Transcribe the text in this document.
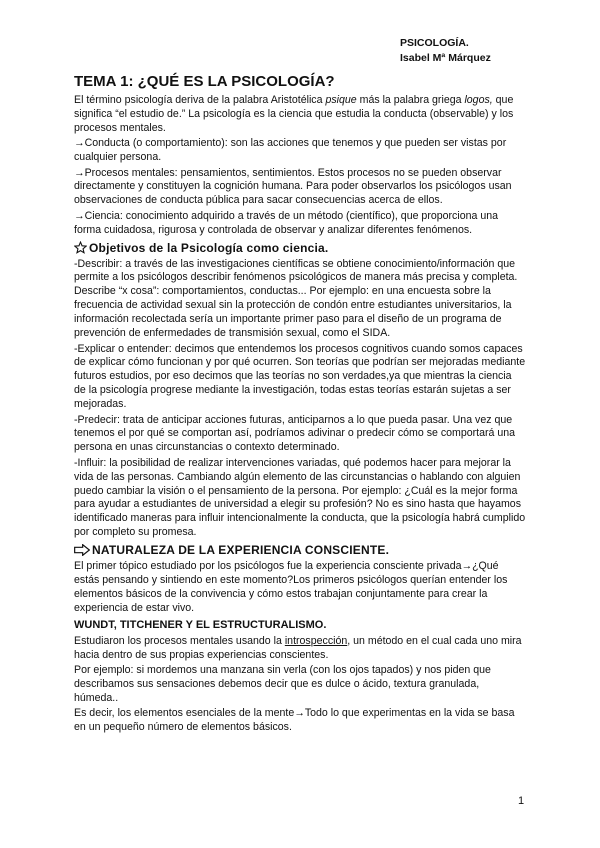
PSICOLOGÍA.
Isabel Mª Márquez
TEMA 1: ¿QUÉ ES LA PSICOLOGÍA?

El término psicología deriva de la palabra Aristotélica psique más la palabra griega logos, que significa “el estudio de.” La psicología es la ciencia que estudia la conducta (observable) y los procesos mentales.

→Conducta (o comportamiento): son las acciones que tenemos y que pueden ser vistas por cualquier persona.

→Procesos mentales: pensamientos, sentimientos. Estos procesos no se pueden observar directamente y constituyen la cognición humana. Para poder observarlos los psicólogos usan observaciones de conducta pública para sacar consecuencias acerca de ellos.

→Ciencia: conocimiento adquirido a través de un método (científico), que proporciona una forma cuidadosa, rigurosa y controlada de observar y analizar diferentes fenómenos.

Objetivos de la Psicología como ciencia.

-Describir: a través de las investigaciones científicas se obtiene conocimiento/información que permite a los psicólogos describir fenómenos psicológicos de manera más precisa y completa. Describe “x cosa”: comportamientos, conductas... Por ejemplo: en una encuesta sobre la frecuencia de actividad sexual sin la protección de condón entre estudiantes universitarios, la información recolectada sería un importante primer paso para el diseño de un programa de prevención de enfermedades de transmisión sexual, como el SIDA.

-Explicar o entender: decimos que entendemos los procesos cognitivos cuando somos capaces de explicar cómo funcionan y por qué ocurren. Son teorías que podrían ser mejoradas mediante futuros estudios, por eso decimos que las teorías no son verdades,ya que mientras la ciencia de la psicología progrese mediante la investigación, todas estas teorías estarán sujetas a ser mejoradas.

-Predecir: trata de anticipar acciones futuras, anticiparnos a lo que pueda pasar. Una vez que tenemos el por qué se comportan así, podríamos adivinar o predecir cómo se comportará una persona en unas circunstancias o contexto determinado.

-Influir: la posibilidad de realizar intervenciones variadas, qué podemos hacer para mejorar la vida de las personas. Cambiando algún elemento de las circunstancias o hablando con alguien puedo cambiar la visión o el pensamiento de la persona. Por ejemplo: ¿Cuál es la mejor forma para ayudar a estudiantes de universidad a elegir su profesión? No es sino hasta que hayamos identificado maneras para influir intencionalmente la conducta, que la psicología habrá cumplido por completo su promesa.

NATURALEZA DE LA EXPERIENCIA CONSCIENTE.

El primer tópico estudiado por los psicólogos fue la experiencia consciente privada→¿Qué estás pensando y sintiendo en este momento?Los primeros psicólogos querían entender los elementos básicos de la convivencia y cómo estos trabajan conjuntamente para crear la experiencia de estar vivo.

WUNDT, TITCHENER Y EL ESTRUCTURALISMO.

Estudiaron los procesos mentales usando la introspección, un método en el cual cada uno mira hacia dentro de sus propias experiencias conscientes.

Por ejemplo: si mordemos una manzana sin verla (con los ojos tapados) y nos piden que describamos sus sensaciones debemos decir que es dulce o ácido, textura granulada, húmeda..

Es decir, los elementos esenciales de la mente→Todo lo que experimentas en la vida se basa en un pequeño número de elementos básicos.

1
